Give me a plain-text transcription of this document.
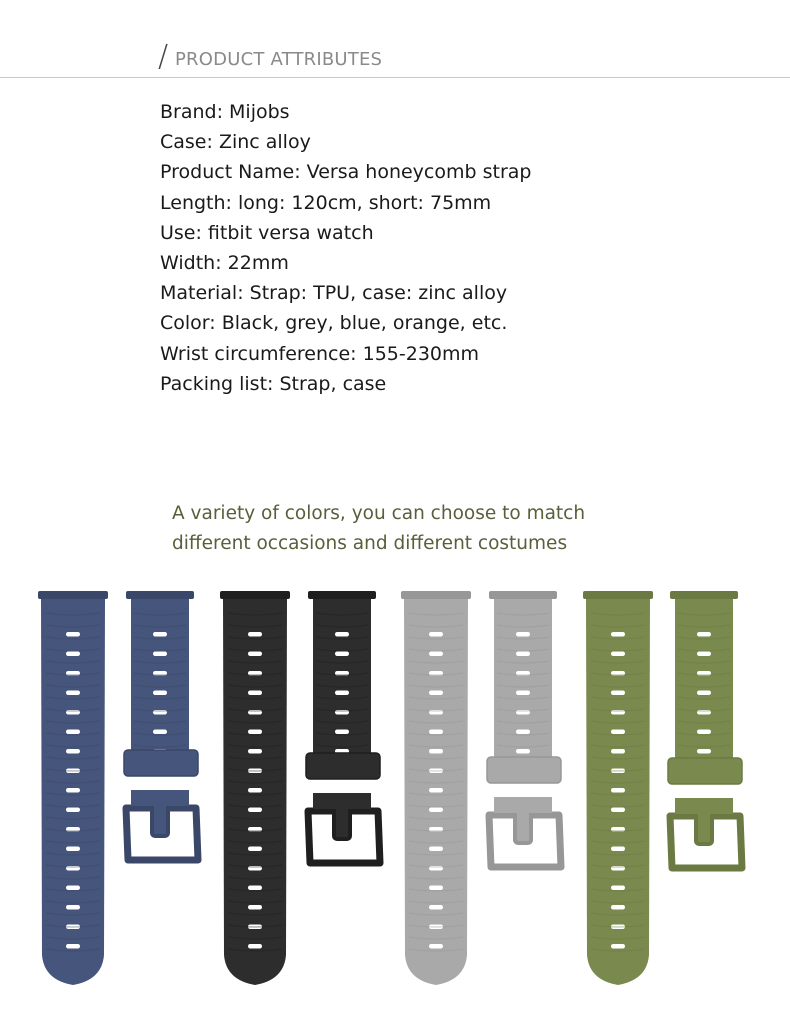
/ PRODUCT ATTRIBUTES
Brand: Mijobs
Case: Zinc alloy
Product Name: Versa honeycomb strap
Length: long: 120cm, short: 75mm
Use: fitbit versa watch
Width: 22mm
Material: Strap: TPU, case: zinc alloy
Color: Black, grey, blue, orange, etc.
Wrist circumference: 155-230mm
Packing list: Strap, case
A variety of colors, you can choose to match
different occasions and different costumes
